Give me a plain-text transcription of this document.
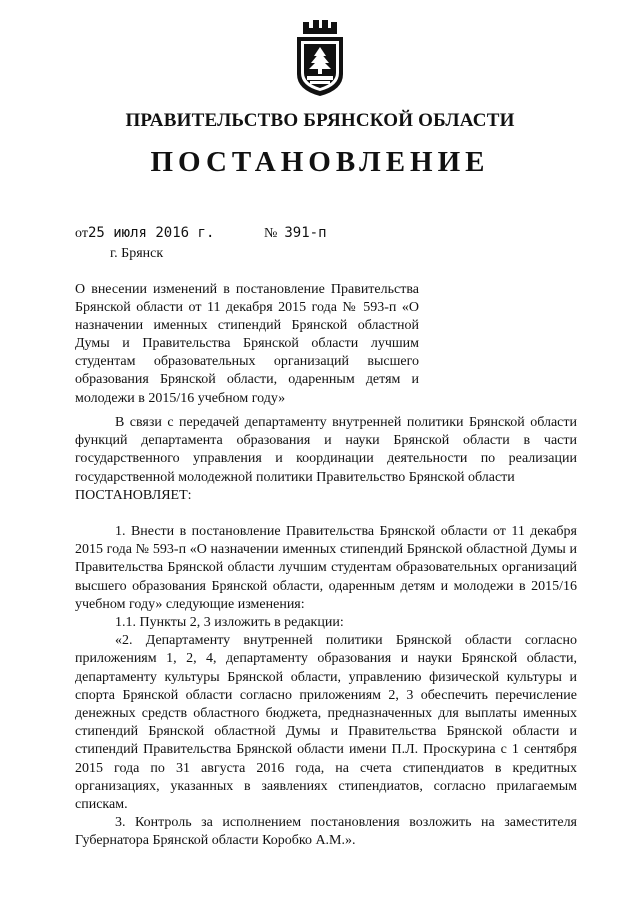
ПРАВИТЕЛЬСТВО БРЯНСКОЙ ОБЛАСТИ
ПОСТАНОВЛЕНИЕ
от25 июля 2016 г.	№ 391-п
г. Брянск
О внесении изменений в постановление Правительства Брянской области от 11 декабря 2015 года № 593-п «О назначении именных стипендий Брянской областной Думы и Правительства Брянской области лучшим студентам образовательных организаций высшего образования Брянской области, одаренным детям и молодежи в 2015/16 учебном году»

В связи с передачей департаменту внутренней политики Брянской области функций департамента образования и науки Брянской области в части государственного управления и координации деятельности по реализации государственной молодежной политики Правительство Брянской области

ПОСТАНОВЛЯЕТ:

1. Внести в постановление Правительства Брянской области от 11 декабря 2015 года № 593-п «О назначении именных стипендий Брянской областной Думы и Правительства Брянской области лучшим студентам образовательных организаций высшего образования Брянской области, одаренным детям и молодежи в 2015/16 учебном году» следующие изменения:

1.1. Пункты 2, 3 изложить в редакции:

«2. Департаменту внутренней политики Брянской области согласно приложениям 1, 2, 4, департаменту образования и науки Брянской области, департаменту культуры Брянской области, управлению физической культуры и спорта Брянской области согласно приложениям 2, 3 обеспечить перечисление денежных средств областного бюджета, предназначенных для выплаты именных стипендий Брянской областной Думы и Правительства Брянской области и стипендий Правительства Брянской области имени П.Л. Проскурина с 1 сентября 2015 года по 31 августа 2016 года, на счета стипендиатов в кредитных организациях, указанных в заявлениях стипендиатов, согласно прилагаемым спискам.

3. Контроль за исполнением постановления возложить на заместителя Губернатора Брянской области Коробко А.М.».
